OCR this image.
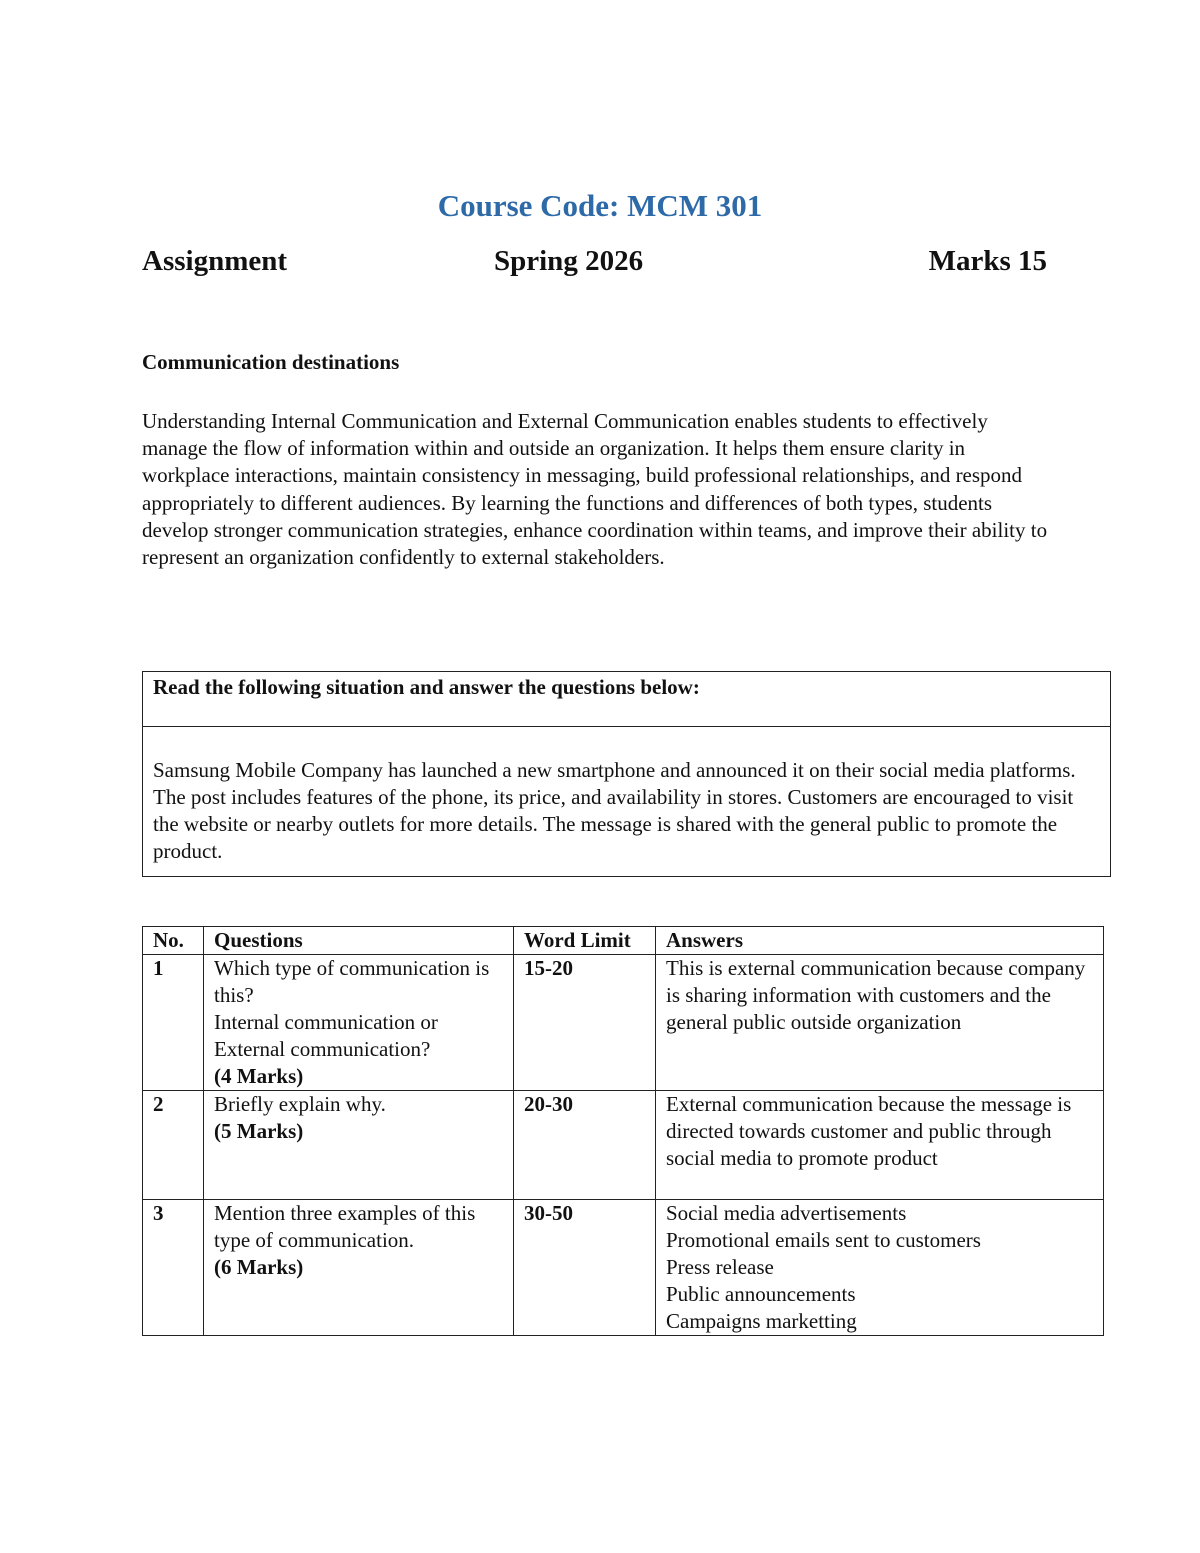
Course Code: MCM 301
Assignment	Spring 2026	Marks 15
Communication destinations

Understanding Internal Communication and External Communication enables students to effectively manage the flow of information within and outside an organization. It helps them ensure clarity in workplace interactions, maintain consistency in messaging, build professional relationships, and respond appropriately to different audiences. By learning the functions and differences of both types, students develop stronger communication strategies, enhance coordination within teams, and improve their ability to represent an organization confidently to external stakeholders.

Read the following situation and answer the questions below:
Samsung Mobile Company has launched a new smartphone and announced it on their social media platforms. The post includes features of the phone, its price, and availability in stores. Customers are encouraged to visit the website or nearby outlets for more details. The message is shared with the general public to promote the product.
No.	Questions	Word Limit	Answers
1	Which type of communication is this?
Internal communication or External communication?
(4 Marks)	15-20	This is external communication because company is sharing information with customers and the general public outside organization

2	Briefly explain why.
(5 Marks)	20-30	External communication because the message is directed towards customer and public through social media to promote product

3	Mention three examples of this type of communication.
(6 Marks)	30-50	Social media advertisements
Promotional emails sent to customers
Press release
Public announcements
Campaigns marketting
